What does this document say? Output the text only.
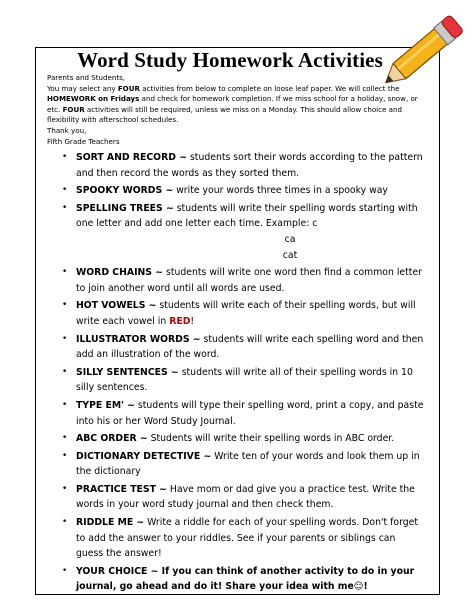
Word Study Homework Activities

Parents and Students,

You may select any FOUR activities from below to complete on loose leaf paper. We will collect the

HOMEWORK on Fridays and check for homework completion. If we miss school for a holiday, snow, or

etc. FOUR activities will still be required, unless we miss on a Monday. This should allow choice and

flexibility with afterschool schedules.

Thank you,

Fifth Grade Teachers

• SORT AND RECORD ~ students sort their words according to the pattern and then record the words as they sorted them.
• SPOOKY WORDS ~ write your words three times in a spooky way
• SPELLING TREES ~ students will write their spelling words starting with one letter and add one letter each time. Example: c
ca
cat
• WORD CHAINS ~ students will write one word then find a common letter to join another word until all words are used.
• HOT VOWELS ~ students will write each of their spelling words, but will write each vowel in RED!
• ILLUSTRATOR WORDS ~ students will write each spelling word and then add an illustration of the word.
• SILLY SENTENCES ~ students will write all of their spelling words in 10 silly sentences.
• TYPE EM' ~ students will type their spelling word, print a copy, and paste into his or her Word Study Journal.
• ABC ORDER ~ Students will write their spelling words in ABC order.
• DICTIONARY DETECTIVE ~ Write ten of your words and look them up in the dictionary
• PRACTICE TEST ~ Have mom or dad give you a practice test. Write the words in your word study journal and then check them.
• RIDDLE ME ~ Write a riddle for each of your spelling words. Don't forget to add the answer to your riddles. See if your parents or siblings can guess the answer!
• YOUR CHOICE ~ If you can think of another activity to do in your journal, go ahead and do it! Share your idea with me☺!
